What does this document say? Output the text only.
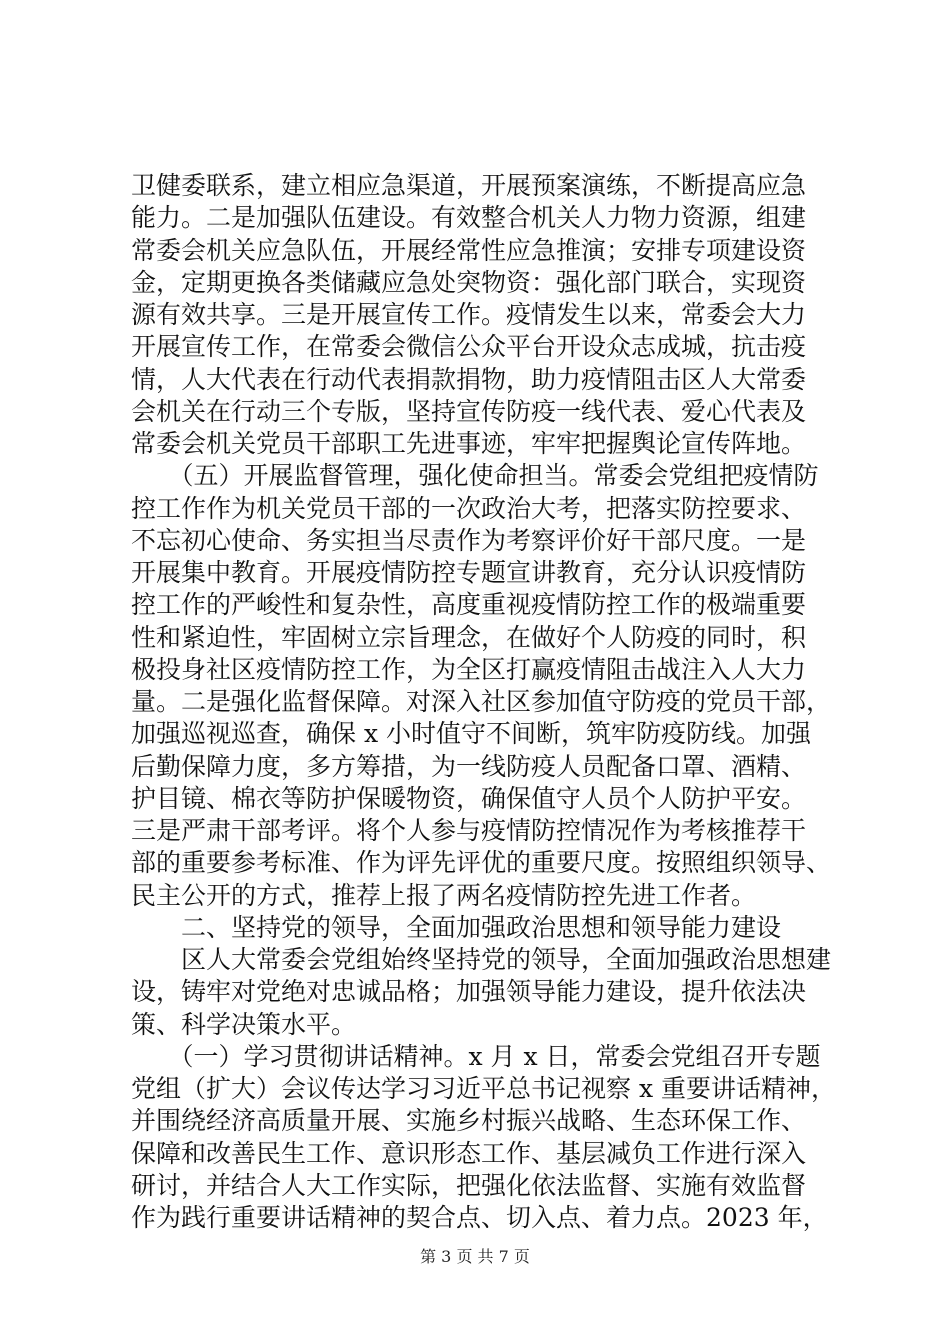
卫健委联系，建立相应急渠道，开展预案演练，不断提高应急
能力。二是加强队伍建设。有效整合机关人力物力资源，组建
常委会机关应急队伍，开展经常性应急推演；安排专项建设资
金，定期更换各类储藏应急处突物资：强化部门联合，实现资
源有效共享。三是开展宣传工作。疫情发生以来，常委会大力
开展宣传工作，在常委会微信公众平台开设众志成城，抗击疫
情，人大代表在行动代表捐款捐物，助力疫情阻击区人大常委
会机关在行动三个专版，坚持宣传防疫一线代表、爱心代表及
常委会机关党员干部职工先进事迹，牢牢把握舆论宣传阵地。
　　（五）开展监督管理，强化使命担当。常委会党组把疫情防
控工作作为机关党员干部的一次政治大考，把落实防控要求、
不忘初心使命、务实担当尽责作为考察评价好干部尺度。一是
开展集中教育。开展疫情防控专题宣讲教育，充分认识疫情防
控工作的严峻性和复杂性，高度重视疫情防控工作的极端重要
性和紧迫性，牢固树立宗旨理念，在做好个人防疫的同时，积
极投身社区疫情防控工作，为全区打赢疫情阻击战注入人大力
量。二是强化监督保障。对深入社区参加值守防疫的党员干部，
加强巡视巡查，确保 x 小时值守不间断，筑牢防疫防线。加强
后勤保障力度，多方筹措，为一线防疫人员配备口罩、酒精、
护目镜、棉衣等防护保暖物资，确保值守人员个人防护平安。
三是严肃干部考评。将个人参与疫情防控情况作为考核推荐干
部的重要参考标准、作为评先评优的重要尺度。按照组织领导、
民主公开的方式，推荐上报了两名疫情防控先进工作者。
　　二、坚持党的领导，全面加强政治思想和领导能力建设
　　区人大常委会党组始终坚持党的领导，全面加强政治思想建
设，铸牢对党绝对忠诚品格；加强领导能力建设，提升依法决
策、科学决策水平。
　　（一）学习贯彻讲话精神。x 月 x 日，常委会党组召开专题
党组（扩大）会议传达学习习近平总书记视察 x 重要讲话精神，
并围绕经济高质量开展、实施乡村振兴战略、生态环保工作、
保障和改善民生工作、意识形态工作、基层减负工作进行深入
研讨，并结合人大工作实际，把强化依法监督、实施有效监督
作为践行重要讲话精神的契合点、切入点、着力点。2023 年，
第 3 页 共 7 页
